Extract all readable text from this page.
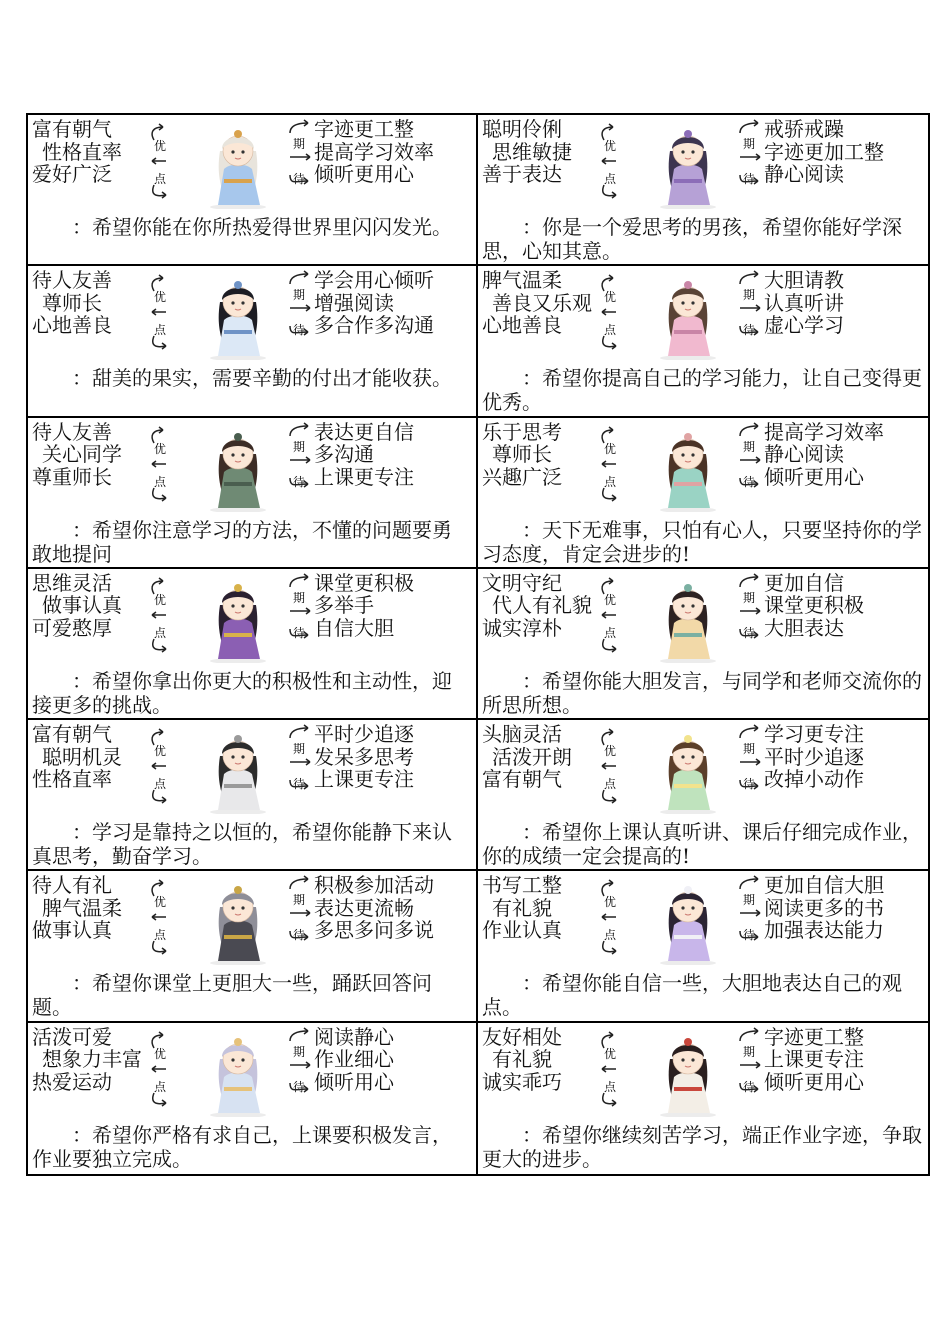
富有朝气
性格直率
爱好广泛
优
点
期
待
字迹更工整
提高学习效率
倾听更用心
： 希望你能在你所热爱得世界里闪闪发光。
聪明伶俐
思维敏捷
善于表达
优
点
期
待
戒骄戒躁
字迹更加工整
静心阅读
： 你是一个爱思考的男孩，希望你能好学深思，心知其意。
待人友善
尊师长
心地善良
优
点
期
待
学会用心倾听
增强阅读
多合作多沟通
： 甜美的果实，需要辛勤的付出才能收获。
脾气温柔
善良又乐观
心地善良
优
点
期
待
大胆请教
认真听讲
虚心学习
： 希望你提高自己的学习能力，让自己变得更优秀。
待人友善
关心同学
尊重师长
优
点
期
待
表达更自信
多沟通
上课更专注
： 希望你注意学习的方法，不懂的问题要勇敢地提问
乐于思考
尊师长
兴趣广泛
优
点
期
待
提高学习效率
静心阅读
倾听更用心
： 天下无难事，只怕有心人，只要坚持你的学习态度，肯定会进步的!
思维灵活
做事认真
可爱憨厚
优
点
期
待
课堂更积极
多举手
自信大胆
： 希望你拿出你更大的积极性和主动性，迎接更多的挑战。
文明守纪
代人有礼貌
诚实淳朴
优
点
期
待
更加自信
课堂更积极
大胆表达
： 希望你能大胆发言，与同学和老师交流你的所思所想。
富有朝气
聪明机灵
性格直率
优
点
期
待
平时少追逐
发呆多思考
上课更专注
： 学习是靠持之以恒的，希望你能静下来认真思考，勤奋学习。
头脑灵活
活泼开朗
富有朝气
优
点
期
待
学习更专注
平时少追逐
改掉小动作
： 希望你上课认真听讲、课后仔细完成作业，你的成绩一定会提高的!
待人有礼
脾气温柔
做事认真
优
点
期
待
积极参加活动
表达更流畅
多思多问多说
： 希望你课堂上更胆大一些，踊跃回答问题。
书写工整
有礼貌
作业认真
优
点
期
待
更加自信大胆
阅读更多的书
加强表达能力
： 希望你能自信一些，大胆地表达自己的观点。
活泼可爱
想象力丰富
热爱运动
优
点
期
待
阅读静心
作业细心
倾听用心
： 希望你严格有求自己，上课要积极发言，作业要独立完成。
友好相处
有礼貌
诚实乖巧
优
点
期
待
字迹更工整
上课更专注
倾听更用心
： 希望你继续刻苦学习，端正作业字迹，争取更大的进步。
